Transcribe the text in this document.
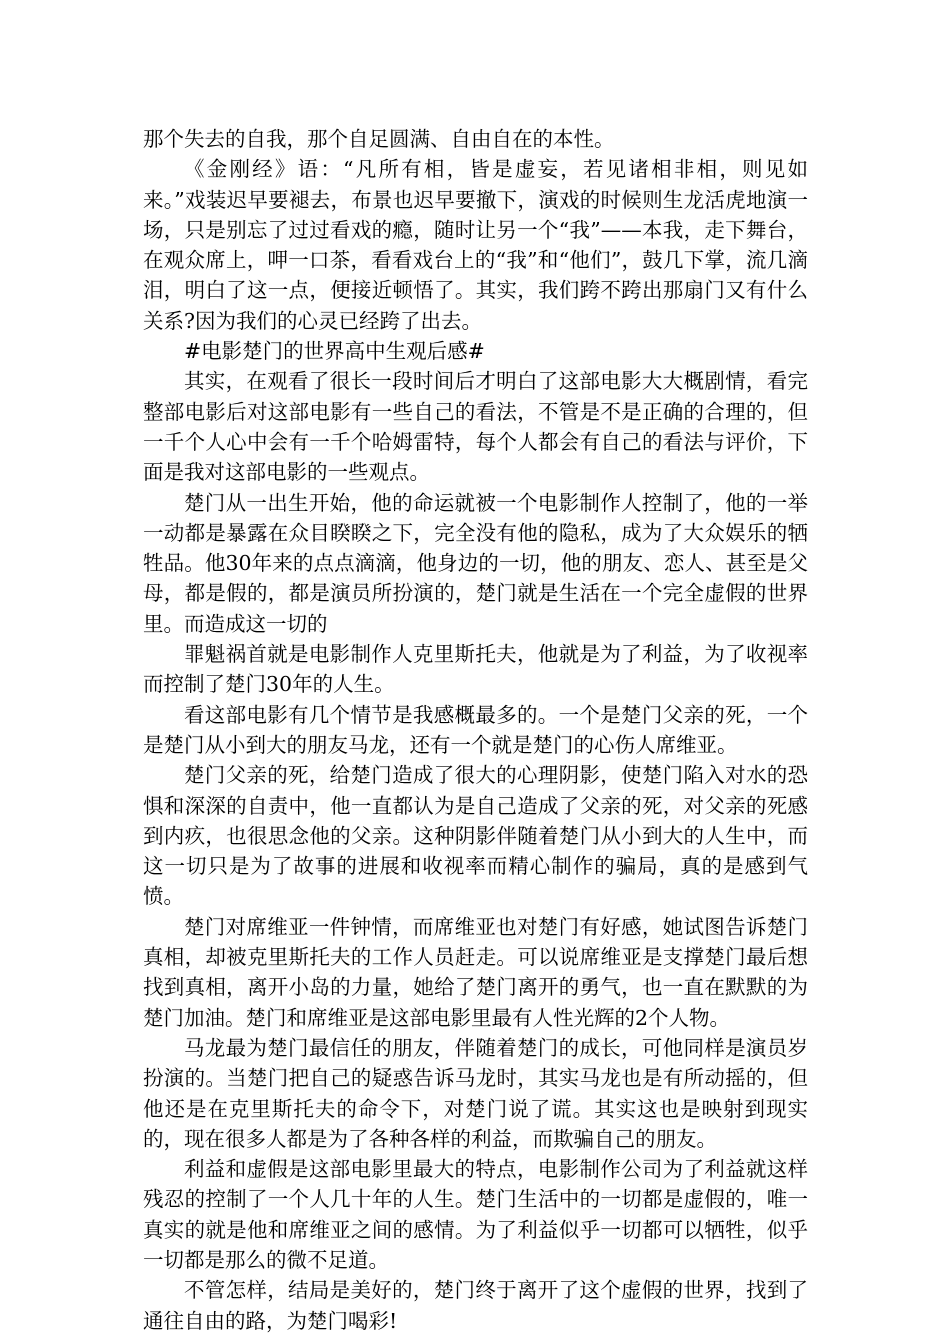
那个失去的自我，那个自足圆满、自由自在的本性。

《金刚经》语：“凡所有相，皆是虚妄，若见诸相非相，则见如来。”戏装迟早要褪去，布景也迟早要撤下，演戏的时候则生龙活虎地演一场，只是别忘了过过看戏的瘾，随时让另一个“我”——本我，走下舞台，在观众席上，呷一口茶，看看戏台上的“我”和“他们”，鼓几下掌，流几滴泪，明白了这一点，便接近顿悟了。其实，我们跨不跨出那扇门又有什么关系?因为我们的心灵已经跨了出去。

#电影楚门的世界高中生观后感#

其实，在观看了很长一段时间后才明白了这部电影大大概剧情，看完整部电影后对这部电影有一些自己的看法，不管是不是正确的合理的，但一千个人心中会有一千个哈姆雷特，每个人都会有自己的看法与评价，下面是我对这部电影的一些观点。

楚门从一出生开始，他的命运就被一个电影制作人控制了，他的一举一动都是暴露在众目睽睽之下，完全没有他的隐私，成为了大众娱乐的牺牲品。他30年来的点点滴滴，他身边的一切，他的朋友、恋人、甚至是父母，都是假的，都是演员所扮演的，楚门就是生活在一个完全虚假的世界里。而造成这一切的

罪魁祸首就是电影制作人克里斯托夫，他就是为了利益，为了收视率而控制了楚门30年的人生。

看这部电影有几个情节是我感概最多的。一个是楚门父亲的死，一个是楚门从小到大的朋友马龙，还有一个就是楚门的心伤人席维亚。

楚门父亲的死，给楚门造成了很大的心理阴影，使楚门陷入对水的恐惧和深深的自责中，他一直都认为是自己造成了父亲的死，对父亲的死感到内疚，也很思念他的父亲。这种阴影伴随着楚门从小到大的人生中，而这一切只是为了故事的进展和收视率而精心制作的骗局，真的是感到气愤。

楚门对席维亚一件钟情，而席维亚也对楚门有好感，她试图告诉楚门真相，却被克里斯托夫的工作人员赶走。可以说席维亚是支撑楚门最后想找到真相，离开小岛的力量，她给了楚门离开的勇气，也一直在默默的为楚门加油。楚门和席维亚是这部电影里最有人性光辉的2个人物。

马龙最为楚门最信任的朋友，伴随着楚门的成长，可他同样是演员岁扮演的。当楚门把自己的疑惑告诉马龙时，其实马龙也是有所动摇的，但他还是在克里斯托夫的命令下，对楚门说了谎。其实这也是映射到现实的，现在很多人都是为了各种各样的利益，而欺骗自己的朋友。

利益和虚假是这部电影里最大的特点，电影制作公司为了利益就这样残忍的控制了一个人几十年的人生。楚门生活中的一切都是虚假的，唯一真实的就是他和席维亚之间的感情。为了利益似乎一切都可以牺牲，似乎一切都是那么的微不足道。

不管怎样，结局是美好的，楚门终于离开了这个虚假的世界，找到了通往自由的路，为楚门喝彩!
